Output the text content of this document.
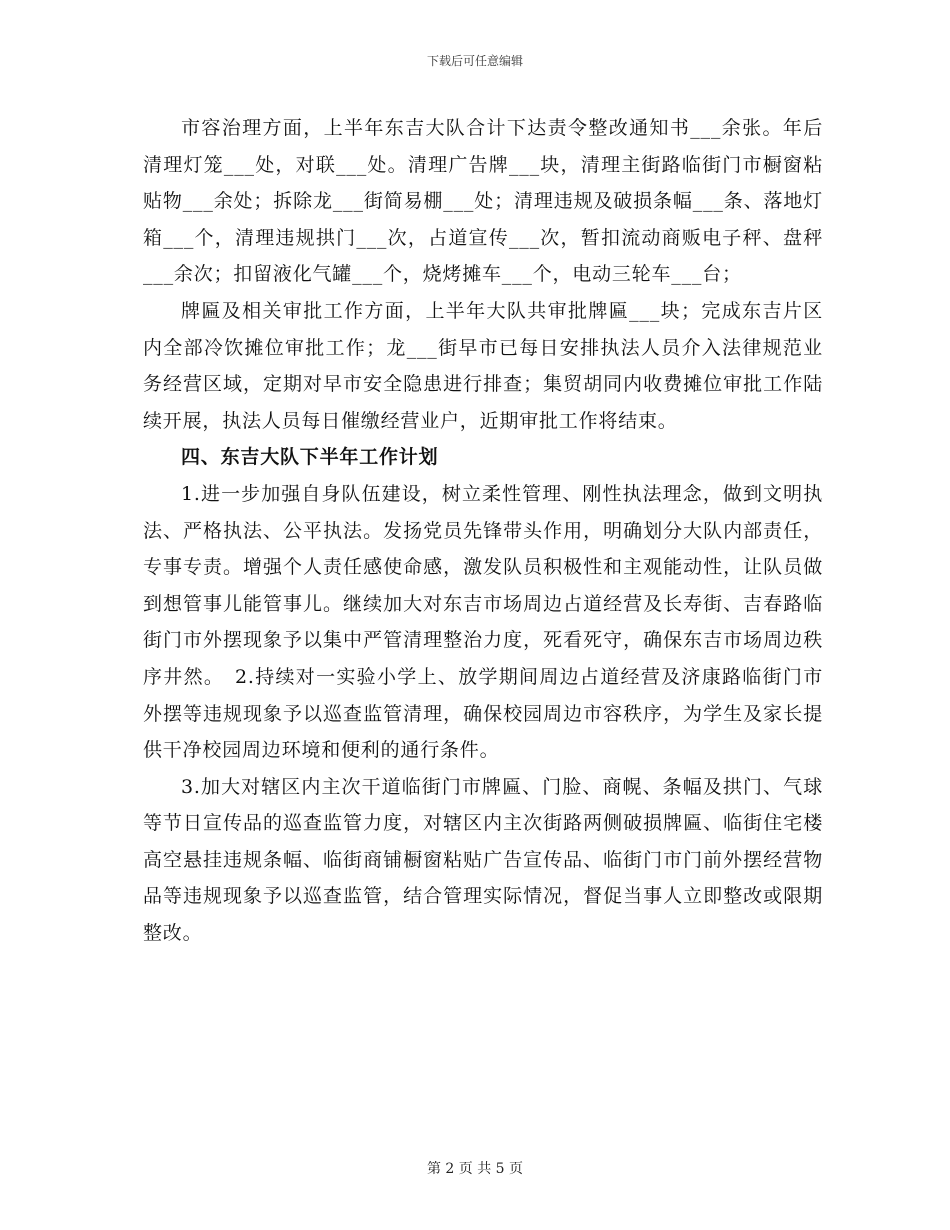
下载后可任意编辑

市容治理方面，上半年东吉大队合计下达责令整改通知书___余张。年后清理灯笼___处，对联___处。清理广告牌___块，清理主街路临街门市橱窗粘贴物___余处；拆除龙___街简易棚___处；清理违规及破损条幅___条、落地灯箱___个，清理违规拱门___次，占道宣传___次，暂扣流动商贩电子秤、盘秤___余次；扣留液化气罐___个，烧烤摊车___个，电动三轮车___台；

牌匾及相关审批工作方面，上半年大队共审批牌匾___块；完成东吉片区内全部冷饮摊位审批工作；龙___街早市已每日安排执法人员介入法律规范业务经营区域，定期对早市安全隐患进行排查；集贸胡同内收费摊位审批工作陆续开展，执法人员每日催缴经营业户，近期审批工作将结束。

四、东吉大队下半年工作计划

1.进一步加强自身队伍建设，树立柔性管理、刚性执法理念，做到文明执法、严格执法、公平执法。发扬党员先锋带头作用，明确划分大队内部责任，专事专责。增强个人责任感使命感，激发队员积极性和主观能动性，让队员做到想管事儿能管事儿。继续加大对东吉市场周边占道经营及长寿街、吉春路临街门市外摆现象予以集中严管清理整治力度，死看死守，确保东吉市场周边秩序井然。　2.持续对一实验小学上、放学期间周边占道经营及济康路临街门市外摆等违规现象予以巡查监管清理，确保校园周边市容秩序，为学生及家长提供干净校园周边环境和便利的通行条件。

3.加大对辖区内主次干道临街门市牌匾、门脸、商幌、条幅及拱门、气球等节日宣传品的巡查监管力度，对辖区内主次街路两侧破损牌匾、临街住宅楼高空悬挂违规条幅、临街商铺橱窗粘贴广告宣传品、临街门市门前外摆经营物品等违规现象予以巡查监管，结合管理实际情况，督促当事人立即整改或限期整改。

第 2 页 共 5 页
